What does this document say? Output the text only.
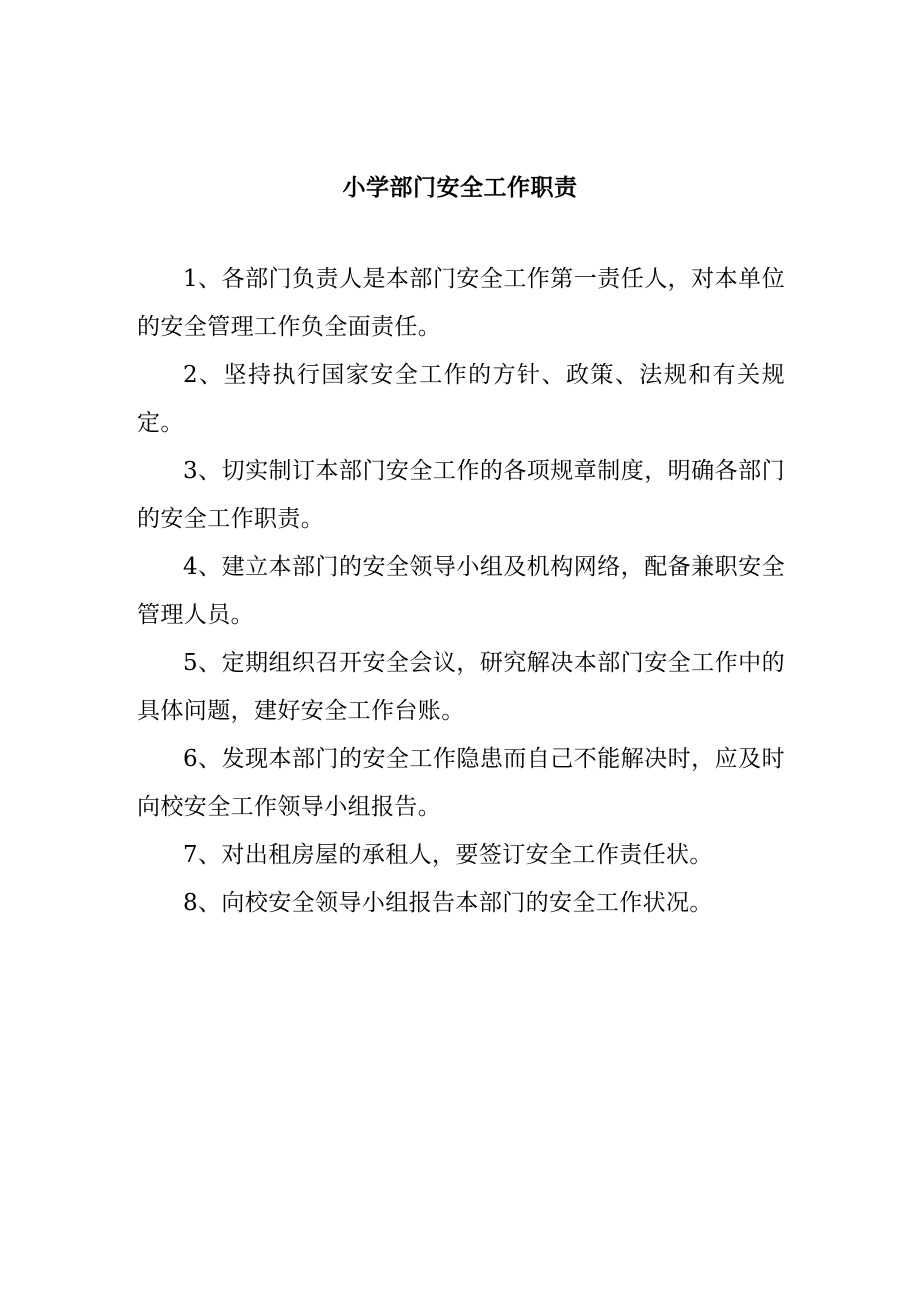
小学部门安全工作职责

1、各部门负责人是本部门安全工作第一责任人，对本单位的安全管理工作负全面责任。

2、坚持执行国家安全工作的方针、政策、法规和有关规定。

3、切实制订本部门安全工作的各项规章制度，明确各部门的安全工作职责。

4、建立本部门的安全领导小组及机构网络，配备兼职安全管理人员。

5、定期组织召开安全会议，研究解决本部门安全工作中的具体问题，建好安全工作台账。

6、发现本部门的安全工作隐患而自己不能解决时，应及时向校安全工作领导小组报告。

7、对出租房屋的承租人，要签订安全工作责任状。

8、向校安全领导小组报告本部门的安全工作状况。
